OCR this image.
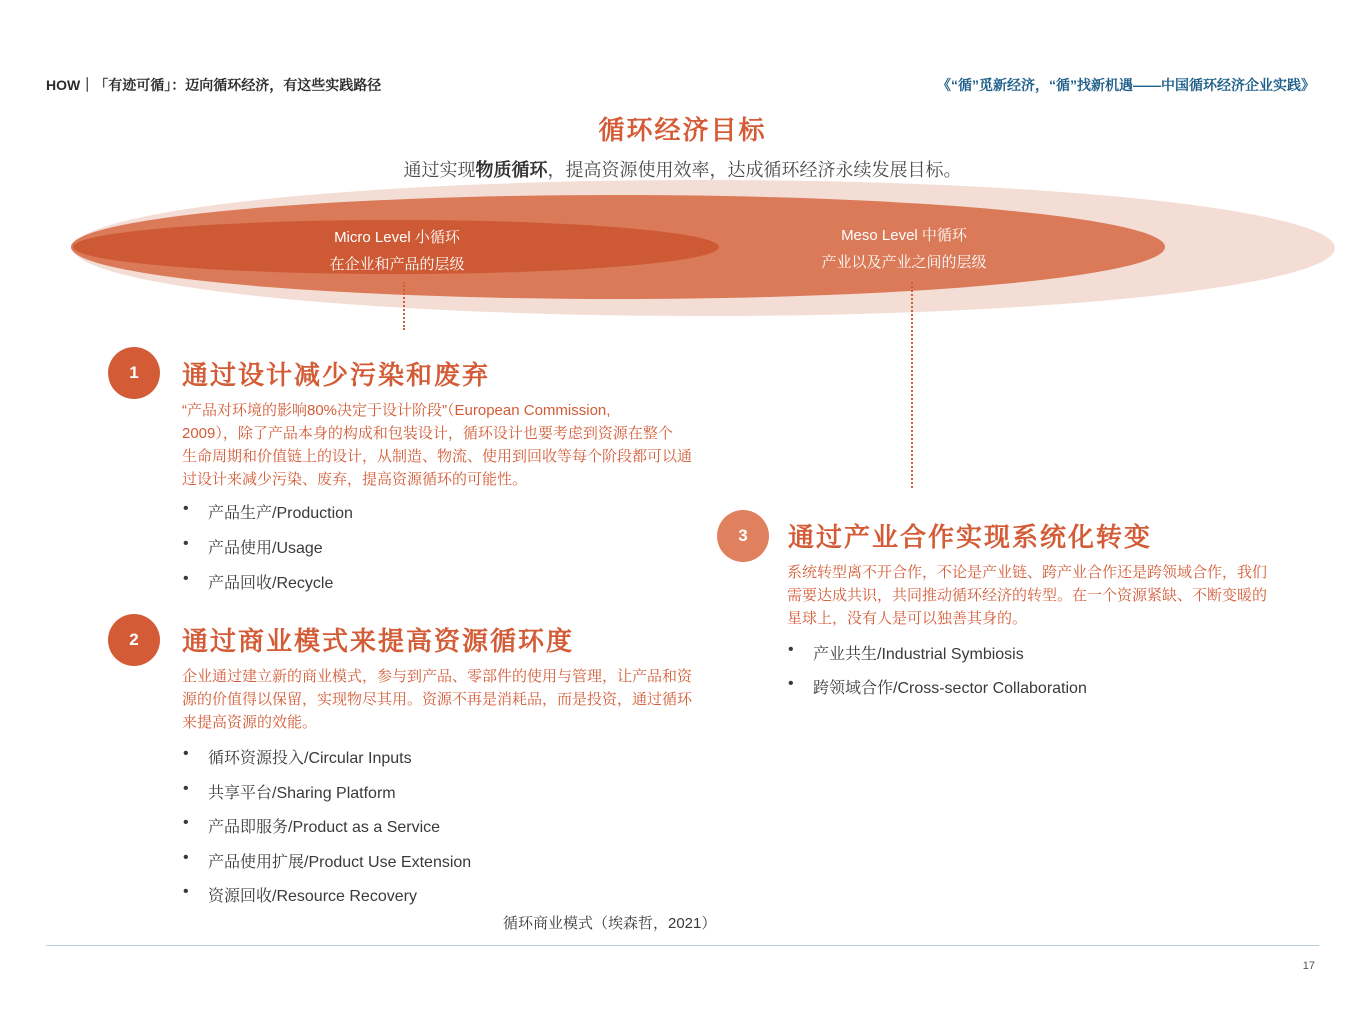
HOW｜「有迹可循」：迈向循环经济，有这些实践路径	《“循”觅新经济，“循”找新机遇——中国循环经济企业实践》
循环经济目标
通过实现物质循环，提高资源使用效率，达成循环经济永续发展目标。
Micro Level 小循环
在企业和产品的层级
Meso Level 中循环
产业以及产业之间的层级
1	通过设计减少污染和废弃
“产品对环境的影响80%决定于设计阶段”（European Commission,
2009），除了产品本身的构成和包装设计，循环设计也要考虑到资源在整个
生命周期和价值链上的设计，从制造、物流、使用到回收等每个阶段都可以通
过设计来减少污染、废弃，提高资源循环的可能性。
• 产品生产/Production
• 产品使用/Usage
• 产品回收/Recycle
2	通过商业模式来提高资源循环度
企业通过建立新的商业模式，参与到产品、零部件的使用与管理，让产品和资
源的价值得以保留，实现物尽其用。资源不再是消耗品，而是投资，通过循环
来提高资源的效能。
• 循环资源投入/Circular Inputs
• 共享平台/Sharing Platform
• 产品即服务/Product as a Service
• 产品使用扩展/Product Use Extension
• 资源回收/Resource Recovery
循环商业模式（埃森哲，2021）
3	通过产业合作实现系统化转变
系统转型离不开合作，不论是产业链、跨产业合作还是跨领域合作，我们
需要达成共识，共同推动循环经济的转型。在一个资源紧缺、不断变暖的
星球上，没有人是可以独善其身的。
• 产业共生/Industrial Symbiosis
• 跨领域合作/Cross-sector Collaboration
17
